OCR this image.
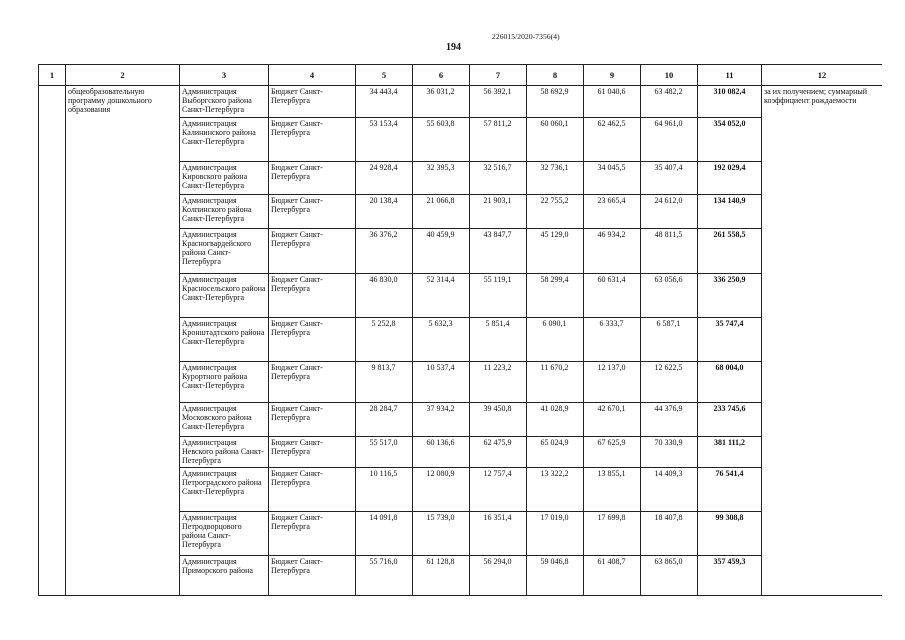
226015/2020-7356(4)
194
1	2	3	4	5	6	7	8	9	10	11	12
	общеобразовательную программу дошкольного образования	Администрация Выборгского района Санкт-Петербурга	Бюджет Санкт-Петербурга	34 443,4	36 031,2	56 392,1	58 692,9	61 040,6	63 482,2	310 082,4	за их получением; суммарный коэффициент рождаемости
		Администрация Калининского района Санкт-Петербурга	Бюджет Санкт-Петербурга	53 153,4	55 603,8	57 811,2	60 060,1	62 462,5	64 961,0	354 052,0	
		Администрация Кировского района Санкт-Петербурга	Бюджет Санкт-Петербурга	24 928,4	32 395,3	32 516,7	32 736,1	34 045,5	35 407,4	192 029,4	
		Администрация Колпинского района Санкт-Петербурга	Бюджет Санкт-Петербурга	20 138,4	21 066,8	21 903,1	22 755,2	23 665,4	24 612,0	134 140,9	
		Администрация Красногвардейского района Санкт-Петербурга	Бюджет Санкт-Петербурга	36 376,2	40 459,9	43 847,7	45 129,0	46 934,2	48 811,5	261 558,5	
		Администрация Красносельского района Санкт-Петербурга	Бюджет Санкт-Петербурга	46 830,0	52 314,4	55 119,1	58 299,4	60 631,4	63 056,6	336 250,9	
		Администрация Кронштадтского района Санкт-Петербурга	Бюджет Санкт-Петербурга	5 252,8	5 632,3	5 851,4	6 090,1	6 333,7	6 587,1	35 747,4	
		Администрация Курортного района Санкт-Петербурга	Бюджет Санкт-Петербурга	9 813,7	10 537,4	11 223,2	11 670,2	12 137,0	12 622,5	68 004,0	
		Администрация Московского района Санкт-Петербурга	Бюджет Санкт-Петербурга	28 284,7	37 934,2	39 450,8	41 028,9	42 670,1	44 376,9	233 745,6	
		Администрация Невского района Санкт-Петербурга	Бюджет Санкт-Петербурга	55 517,0	60 136,6	62 475,9	65 024,9	67 625,9	70 330,9	381 111,2	
		Администрация Петроградского района Санкт-Петербурга	Бюджет Санкт-Петербурга	10 116,5	12 080,9	12 757,4	13 322,2	13 855,1	14 409,3	76 541,4	
		Администрация Петродворцового района Санкт-Петербурга	Бюджет Санкт-Петербурга	14 091,8	15 739,0	16 351,4	17 019,0	17 699,8	18 407,8	99 308,8	
		Администрация Приморского района	Бюджет Санкт-Петербурга	55 716,0	61 128,8	56 294,0	59 046,8	61 408,7	63 865,0	357 459,3	
